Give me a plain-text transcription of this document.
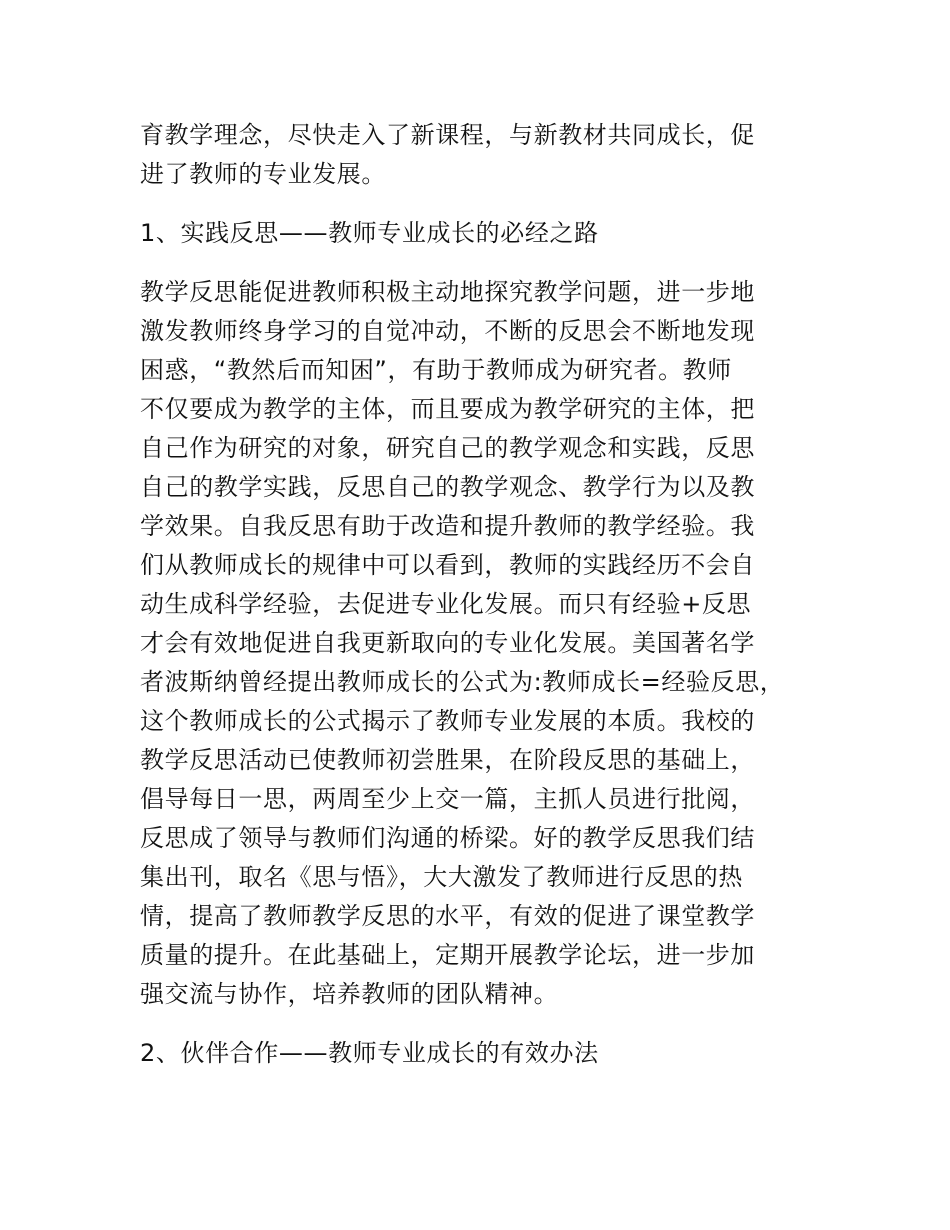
育教学理念，尽快走入了新课程，与新教材共同成长，促
进了教师的专业发展。
1、实践反思——教师专业成长的必经之路
教学反思能促进教师积极主动地探究教学问题，进一步地
激发教师终身学习的自觉冲动，不断的反思会不断地发现
困惑，“教然后而知困”，有助于教师成为研究者。教师
不仅要成为教学的主体，而且要成为教学研究的主体，把
自己作为研究的对象，研究自己的教学观念和实践，反思
自己的教学实践，反思自己的教学观念、教学行为以及教
学效果。自我反思有助于改造和提升教师的教学经验。我
们从教师成长的规律中可以看到，教师的实践经历不会自
动生成科学经验，去促进专业化发展。而只有经验+反思
才会有效地促进自我更新取向的专业化发展。美国著名学
者波斯纳曾经提出教师成长的公式为:教师成长=经验反思，
这个教师成长的公式揭示了教师专业发展的本质。我校的
教学反思活动已使教师初尝胜果，在阶段反思的基础上，
倡导每日一思，两周至少上交一篇，主抓人员进行批阅，
反思成了领导与教师们沟通的桥梁。好的教学反思我们结
集出刊，取名《思与悟》，大大激发了教师进行反思的热
情，提高了教师教学反思的水平，有效的促进了课堂教学
质量的提升。在此基础上，定期开展教学论坛，进一步加
强交流与协作，培养教师的团队精神。
2、伙伴合作——教师专业成长的有效办法
